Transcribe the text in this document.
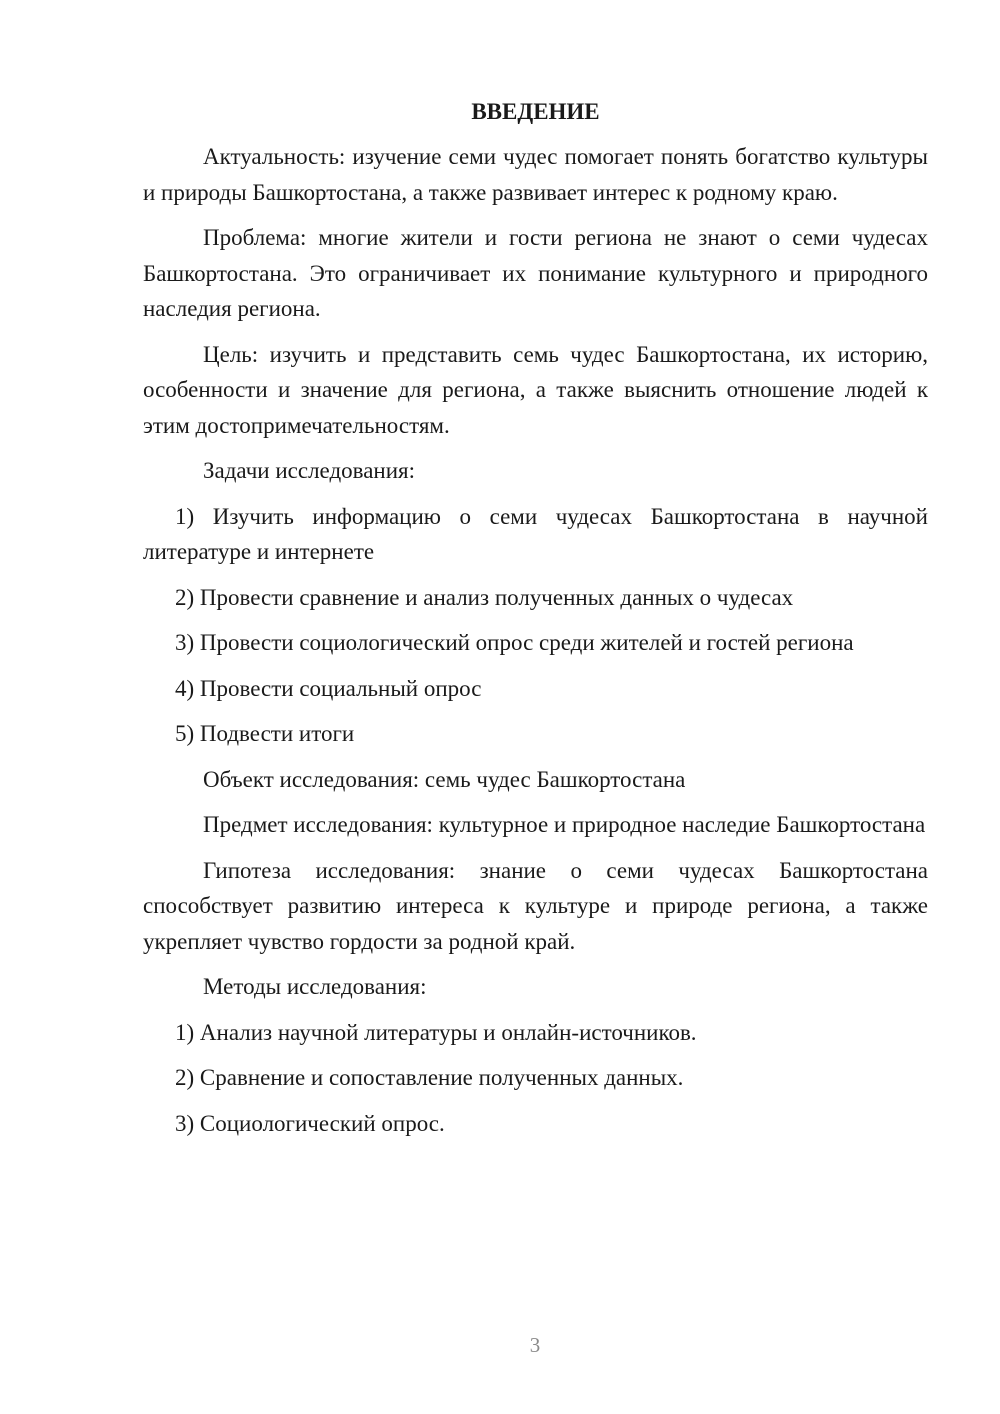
ВВЕДЕНИЕ
Актуальность: изучение семи чудес помогает понять богатство культуры и природы Башкортостана, а также развивает интерес к родному краю.
Проблема: многие жители и гости региона не знают о семи чудесах Башкортостана. Это ограничивает их понимание культурного и природного наследия региона.
Цель: изучить и представить семь чудес Башкортостана, их историю, особенности и значение для региона, а также выяснить отношение людей к этим достопримечательностям.
Задачи исследования:
1) Изучить информацию о семи чудесах Башкортостана в научной литературе и интернете
2) Провести сравнение и анализ полученных данных о чудесах
3) Провести социологический опрос среди жителей и гостей региона
4) Провести социальный опрос
5) Подвести итоги
Объект исследования: семь чудес Башкортостана
Предмет исследования: культурное и природное наследие Башкортостана
Гипотеза исследования: знание о семи чудесах Башкортостана способствует развитию интереса к культуре и природе региона, а также укрепляет чувство гордости за родной край.
Методы исследования:
1) Анализ научной литературы и онлайн-источников.
2) Сравнение и сопоставление полученных данных.
3) Социологический опрос.
3
